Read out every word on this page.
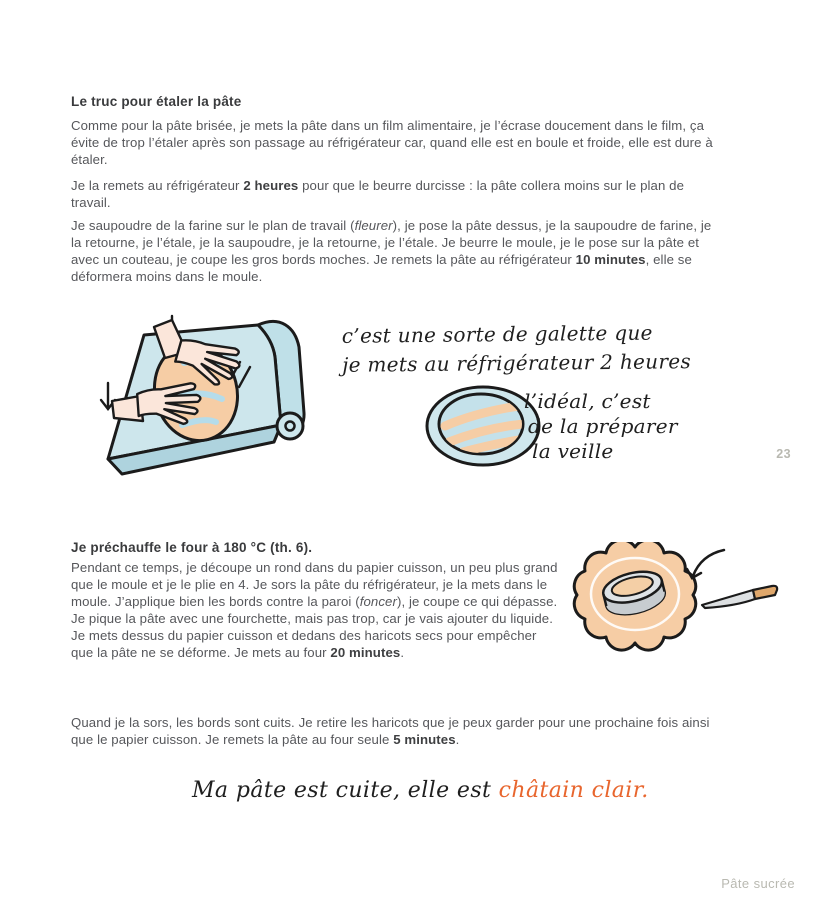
Le truc pour étaler la pâte
Comme pour la pâte brisée, je mets la pâte dans un film alimentaire, je l’écrase doucement dans le film, ça évite de trop l’étaler après son passage au réfrigérateur car, quand elle est en boule et froide, elle est dure à étaler.
Je la remets au réfrigérateur 2 heures pour que le beurre durcisse : la pâte collera moins sur le plan de travail.
Je saupoudre de la farine sur le plan de travail (fleurer), je pose la pâte dessus, je la saupoudre de farine, je la retourne, je l’étale, je la saupoudre, je la retourne, je l’étale. Je beurre le moule, je le pose sur la pâte et avec un couteau, je coupe les gros bords moches. Je remets la pâte au réfrigérateur 10 minutes, elle se déformera moins dans le moule.
c’est une sorte de galette que
je mets au réfrigérateur 2 heures
l’idéal, c’est
de la préparer
la veille	23
Je préchauffe le four à 180 °C (th. 6).
Pendant ce temps, je découpe un rond dans du papier cuisson, un peu plus grand que le moule et je le plie en 4. Je sors la pâte du réfrigérateur, je la mets dans le moule. J’applique bien les bords contre la paroi (foncer), je coupe ce qui dépasse. Je pique la pâte avec une fourchette, mais pas trop, car je vais ajouter du liquide. Je mets dessus du papier cuisson et dedans des haricots secs pour empêcher que la pâte ne se déforme. Je mets au four 20 minutes.
Quand je la sors, les bords sont cuits. Je retire les haricots que je peux garder pour une prochaine fois ainsi que le papier cuisson. Je remets la pâte au four seule 5 minutes.
Ma pâte est cuite, elle est châtain clair.
Pâte sucrée
